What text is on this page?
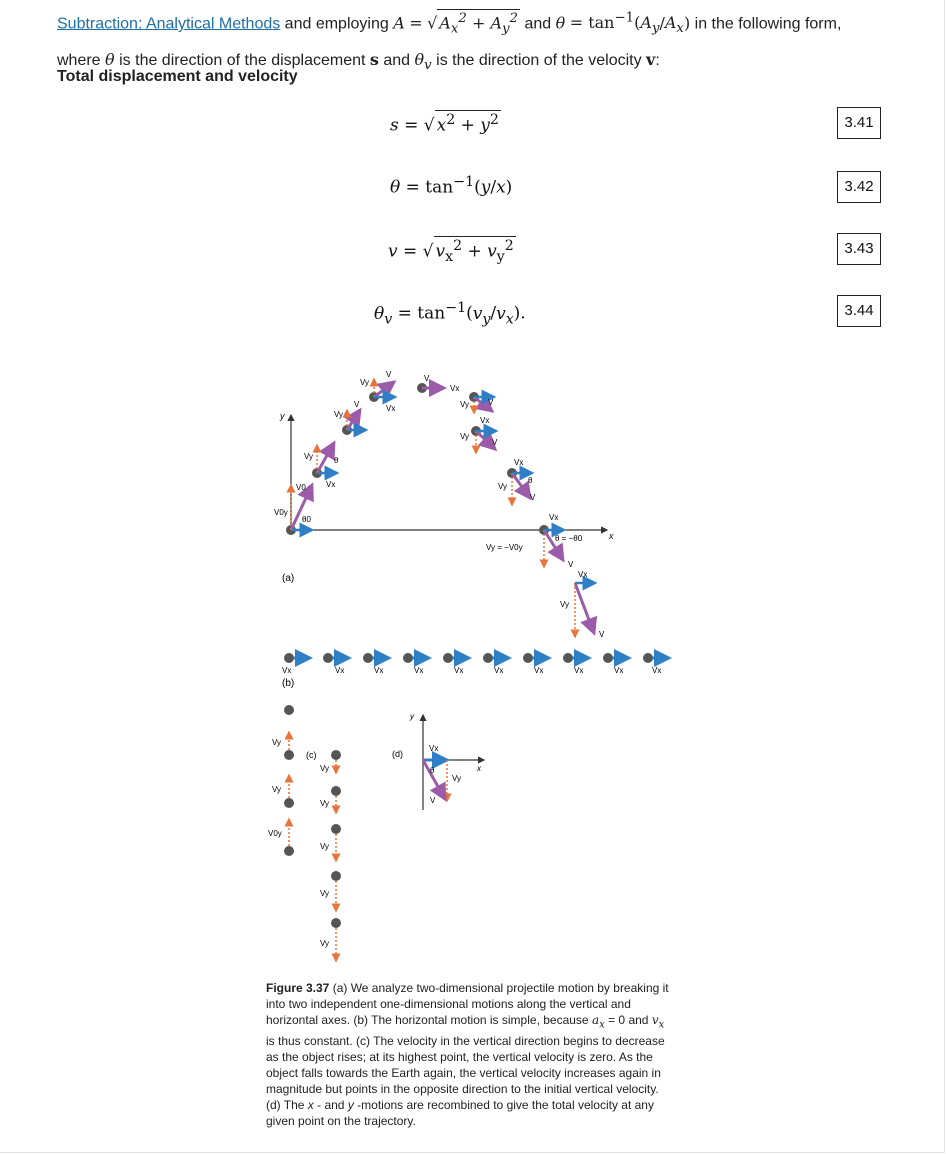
Subtraction: Analytical Methods and employing A = √ $A_x^2 + A_y^2$ and $\theta = \tan^{-1}(A_y/A_x)$ in the following form,
where θ is the direction of the displacement s and $\theta_v$ is the direction of the velocity v:
Total displacement and velocity
s = √ $x^2 + y^2$	3.41
$\theta = \tan^{-1}(y/x)$	3.42
v = √ $v_x^2 + v_y^2$	3.43
$\theta_v = \tan^{-1}(v_y/v_x)$.	3.44
y
x
(a)
V0y
V0
θ0
Vy
Vx
θ
Vy
V
Vy
Vx
V	V
Vx
Vy V
Vx
Vy
V
Vx
Vy
θ
V
Vx
θ = −θ0
Vy = −V0y
V
Vx
Vy
V
Vx	Vx	Vx	Vx	Vx	Vx	Vx	Vx	Vx	Vx
(b)
Vy
Vy
V0y
(c)
Vy
Vy
Vy
Vy
Vy
(d)
y
x
Vx
Vy
V
θ
Figure 3.37 (a) We analyze two-dimensional projectile motion by breaking it into two independent one-dimensional motions along the vertical and horizontal axes. (b) The horizontal motion is simple, because $a_x = 0$ and $v_x$ is thus constant. (c) The velocity in the vertical direction begins to decrease as the object rises; at its highest point, the vertical velocity is zero. As the object falls towards the Earth again, the vertical velocity increases again in magnitude but points in the opposite direction to the initial vertical velocity. (d) The x - and y -motions are recombined to give the total velocity at any given point on the trajectory.
